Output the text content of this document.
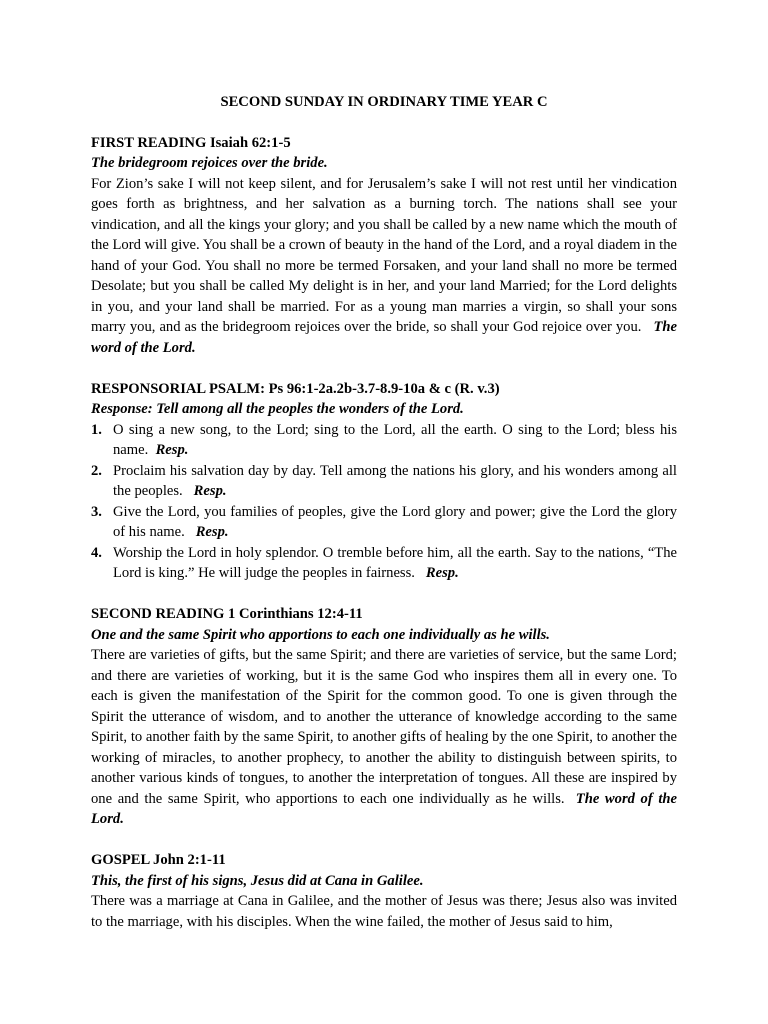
SECOND SUNDAY IN ORDINARY TIME YEAR C

FIRST READING Isaiah 62:1-5

The bridegroom rejoices over the bride.

For Zion’s sake I will not keep silent, and for Jerusalem’s sake I will not rest until her vindication goes forth as brightness, and her salvation as a burning torch. The nations shall see your vindication, and all the kings your glory; and you shall be called by a new name which the mouth of the Lord will give. You shall be a crown of beauty in the hand of the Lord, and a royal diadem in the hand of your God. You shall no more be termed Forsaken, and your land shall no more be termed Desolate; but you shall be called My delight is in her, and your land Married; for the Lord delights in you, and your land shall be married. For as a young man marries a virgin, so shall your sons marry you, and as the bridegroom rejoices over the bride, so shall your God rejoice over you. The word of the Lord.

RESPONSORIAL PSALM: Ps 96:1-2a.2b-3.7-8.9-10a & c (R. v.3)

Response: Tell among all the peoples the wonders of the Lord.

1. O sing a new song, to the Lord; sing to the Lord, all the earth. O sing to the Lord; bless his name. Resp.
2. Proclaim his salvation day by day. Tell among the nations his glory, and his wonders among all the peoples. Resp.
3. Give the Lord, you families of peoples, give the Lord glory and power; give the Lord the glory of his name. Resp.
4. Worship the Lord in holy splendor. O tremble before him, all the earth. Say to the nations, “The Lord is king.” He will judge the peoples in fairness. Resp.

SECOND READING 1 Corinthians 12:4-11

One and the same Spirit who apportions to each one individually as he wills.

There are varieties of gifts, but the same Spirit; and there are varieties of service, but the same Lord; and there are varieties of working, but it is the same God who inspires them all in every one. To each is given the manifestation of the Spirit for the common good. To one is given through the Spirit the utterance of wisdom, and to another the utterance of knowledge according to the same Spirit, to another faith by the same Spirit, to another gifts of healing by the one Spirit, to another the working of miracles, to another prophecy, to another the ability to distinguish between spirits, to another various kinds of tongues, to another the interpretation of tongues. All these are inspired by one and the same Spirit, who apportions to each one individually as he wills. The word of the Lord.

GOSPEL John 2:1-11

This, the first of his signs, Jesus did at Cana in Galilee.

There was a marriage at Cana in Galilee, and the mother of Jesus was there; Jesus also was invited to the marriage, with his disciples. When the wine failed, the mother of Jesus said to him,
